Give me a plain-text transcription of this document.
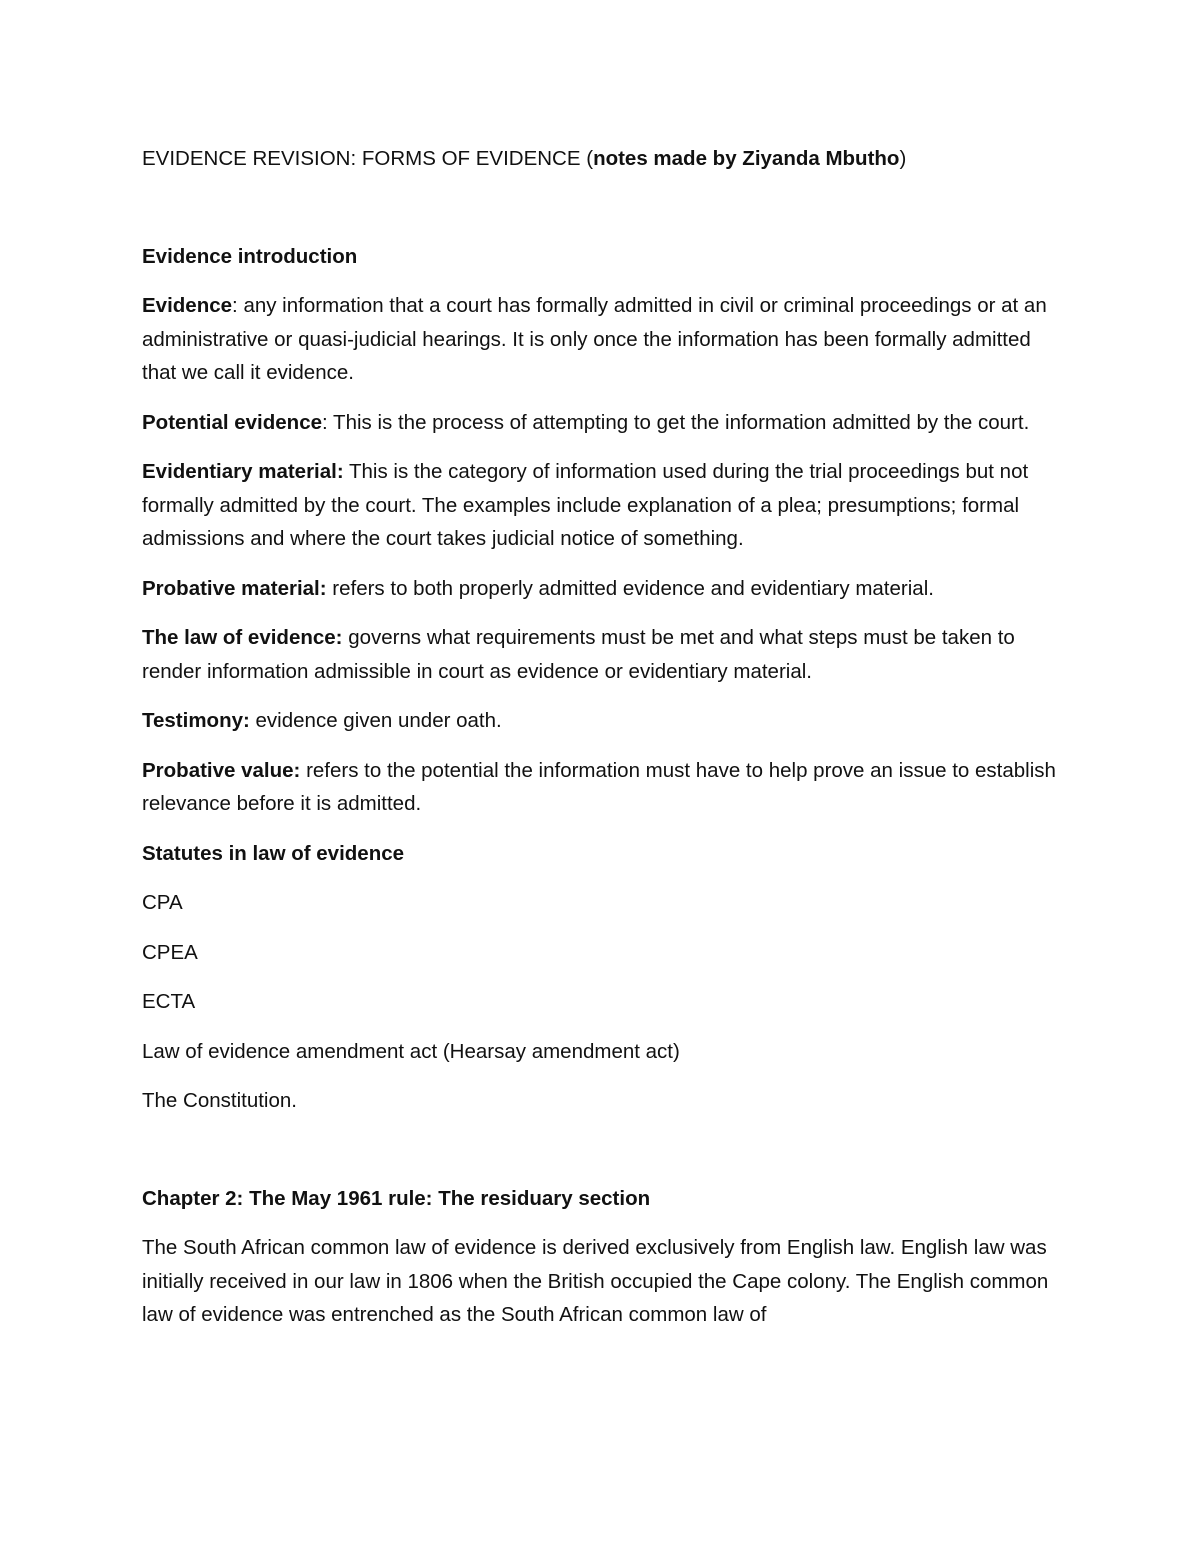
EVIDENCE REVISION: FORMS OF EVIDENCE (notes made by Ziyanda Mbutho)

Evidence introduction

Evidence: any information that a court has formally admitted in civil or criminal proceedings or at an administrative or quasi-judicial hearings. It is only once the information has been formally admitted that we call it evidence.

Potential evidence: This is the process of attempting to get the information admitted by the court.

Evidentiary material: This is the category of information used during the trial proceedings but not formally admitted by the court. The examples include explanation of a plea; presumptions; formal admissions and where the court takes judicial notice of something.

Probative material: refers to both properly admitted evidence and evidentiary material.

The law of evidence: governs what requirements must be met and what steps must be taken to render information admissible in court as evidence or evidentiary material.

Testimony: evidence given under oath.

Probative value: refers to the potential the information must have to help prove an issue to establish relevance before it is admitted.

Statutes in law of evidence

CPA

CPEA

ECTA

Law of evidence amendment act (Hearsay amendment act)

The Constitution.

Chapter 2: The May 1961 rule: The residuary section

The South African common law of evidence is derived exclusively from English law. English law was initially received in our law in 1806 when the British occupied the Cape colony. The English common law of evidence was entrenched as the South African common law of
